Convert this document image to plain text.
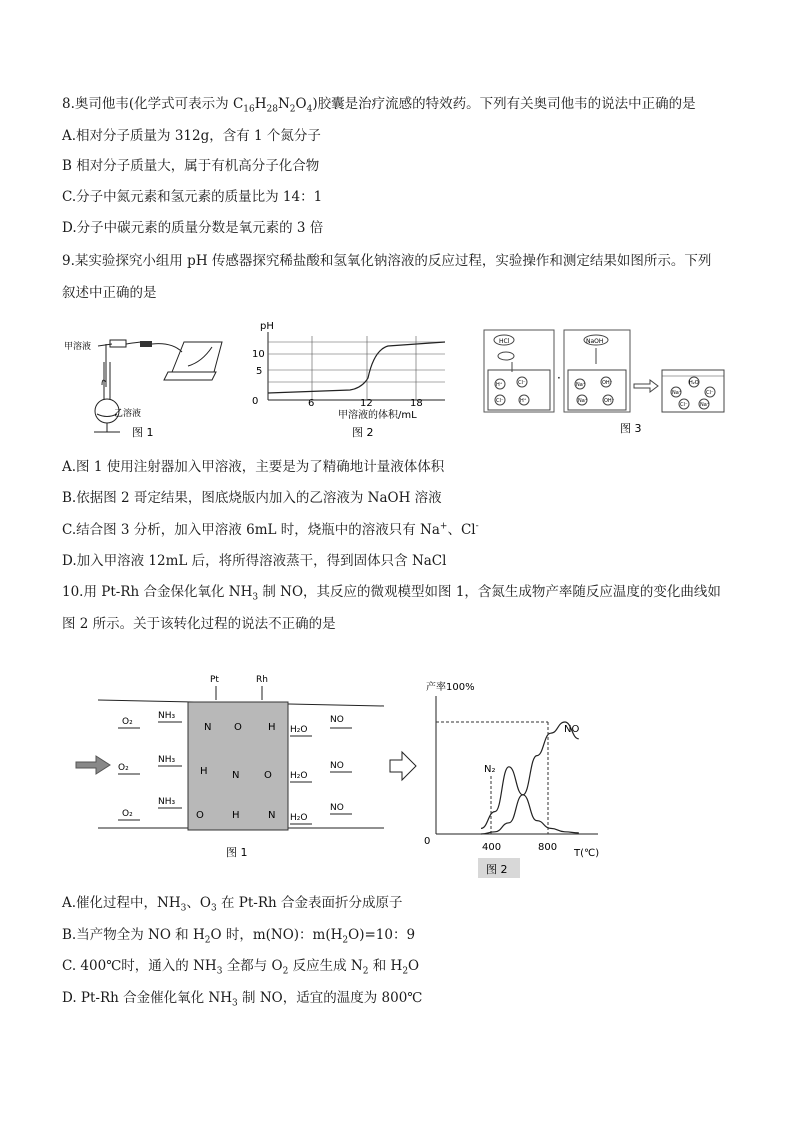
8.奥司他韦(化学式可表示为 $C_{16}H_{28}N_2O_4$)胶囊是治疗流感的特效药。下列有关奥司他韦的说法中正确的是
A.相对分子质量为 312g，含有 1 个氮分子
B 相对分子质量大，属于有机高分子化合物
C.分子中氮元素和氢元素的质量比为 14：1
D.分子中碳元素的质量分数是氧元素的 3 倍
9.某实验探究小组用 pH 传感器探究稀盐酸和氢氧化钠溶液的反应过程，实验操作和测定结果如图所示。下列
叙述中正确的是
甲溶液
乙溶液
图 1
pH
10
5
0	6	12	18
甲溶液的体积/mL
图 2
HCl
H⁺	Cl⁻
Cl⁻	H⁺
·
NaOH
Na⁺	OH⁻
Na⁺	OH⁻
H₂O
Na⁺	Cl⁻
Cl⁻ Na⁺
图 3
A.图 1 使用注射器加入甲溶液，主要是为了精确地计量液体体积
B.依据图 2 哥定结果，图底烧版内加入的乙溶液为 NaOH 溶液
C.结合图 3 分析，加入甲溶液 6mL 时，烧瓶中的溶液只有 Na+、Cl-
D.加入甲溶液 12mL 后，将所得溶液蒸干，得到固体只含 NaCl
10.用 Pt-Rh 合金保化氧化 $NH_3$ 制 NO，其反应的微观模型如图 1，含氮生成物产率随反应温度的变化曲线如
图 2 所示。关于该转化过程的说法不正确的是
Pt	Rh
O₂
O₂
O₂
NH₃
NH₃
NH₃
N O	H
H N O
O	H	N
H₂O
H₂O
H₂O
NO
NO
NO
图 1
产率100%
0
400	800
T(℃)
N₂
NO
图 2
A.催化过程中，$NH_3$、$O_3$ 在 Pt-Rh 合金表面折分成原子
B.当产物全为 NO 和 $H_2O$ 时，m(NO)：$m(H_2O)=10$：9
C. 400℃时，通入的 $NH_3$ 全都与 $O_2$ 反应生成 $N_2$ 和 $H_2O$
D. Pt-Rh 合金催化氧化 $NH_3$ 制 NO，适宜的温度为 800℃
